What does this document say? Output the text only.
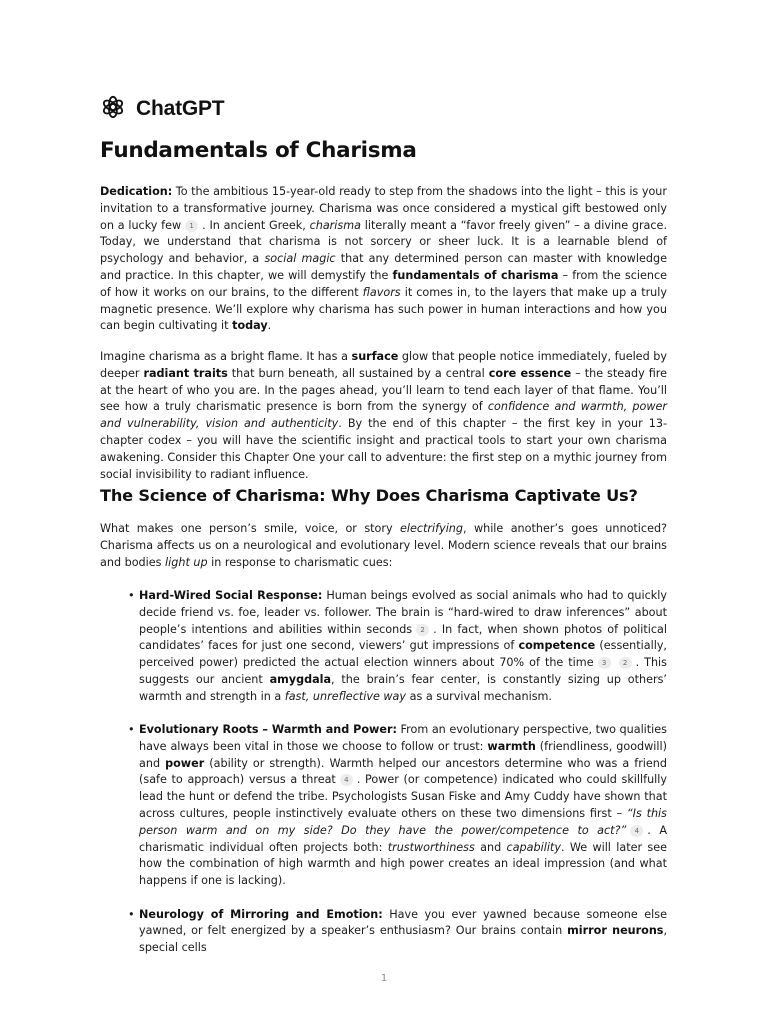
ChatGPT
Fundamentals of Charisma

Dedication: To the ambitious 15-year-old ready to step from the shadows into the light – this is your invitation to a transformative journey. Charisma was once considered a mystical gift bestowed only on a lucky few 1 . In ancient Greek, charisma literally meant a “favor freely given” – a divine grace. Today, we understand that charisma is not sorcery or sheer luck. It is a learnable blend of psychology and behavior, a social magic that any determined person can master with knowledge and practice. In this chapter, we will demystify the fundamentals of charisma – from the science of how it works on our brains, to the different flavors it comes in, to the layers that make up a truly magnetic presence. We’ll explore why charisma has such power in human interactions and how you can begin cultivating it today.

Imagine charisma as a bright flame. It has a surface glow that people notice immediately, fueled by deeper radiant traits that burn beneath, all sustained by a central core essence – the steady fire at the heart of who you are. In the pages ahead, you’ll learn to tend each layer of that flame. You’ll see how a truly charismatic presence is born from the synergy of confidence and warmth, power and vulnerability, vision and authenticity. By the end of this chapter – the first key in your 13-chapter codex – you will have the scientific insight and practical tools to start your own charisma awakening. Consider this Chapter One your call to adventure: the first step on a mythic journey from social invisibility to radiant influence.

The Science of Charisma: Why Does Charisma Captivate Us?

What makes one person’s smile, voice, or story electrifying, while another’s goes unnoticed? Charisma affects us on a neurological and evolutionary level. Modern science reveals that our brains and bodies light up in response to charismatic cues:

• Hard-Wired Social Response: Human beings evolved as social animals who had to quickly decide friend vs. foe, leader vs. follower. The brain is “hard-wired to draw inferences” about people’s intentions and abilities within seconds 2 . In fact, when shown photos of political candidates’ faces for just one second, viewers’ gut impressions of competence (essentially, perceived power) predicted the actual election winners about 70% of the time 3 2 . This suggests our ancient amygdala, the brain’s fear center, is constantly sizing up others’ warmth and strength in a fast, unreflective way as a survival mechanism.
• Evolutionary Roots – Warmth and Power: From an evolutionary perspective, two qualities have always been vital in those we choose to follow or trust: warmth (friendliness, goodwill) and power (ability or strength). Warmth helped our ancestors determine who was a friend (safe to approach) versus a threat 4 . Power (or competence) indicated who could skillfully lead the hunt or defend the tribe. Psychologists Susan Fiske and Amy Cuddy have shown that across cultures, people instinctively evaluate others on these two dimensions first – “Is this person warm and on my side? Do they have the power/competence to act?” 4 . A charismatic individual often projects both: trustworthiness and capability. We will later see how the combination of high warmth and high power creates an ideal impression (and what happens if one is lacking).
• Neurology of Mirroring and Emotion: Have you ever yawned because someone else yawned, or felt energized by a speaker’s enthusiasm? Our brains contain mirror neurons, special cells
1
